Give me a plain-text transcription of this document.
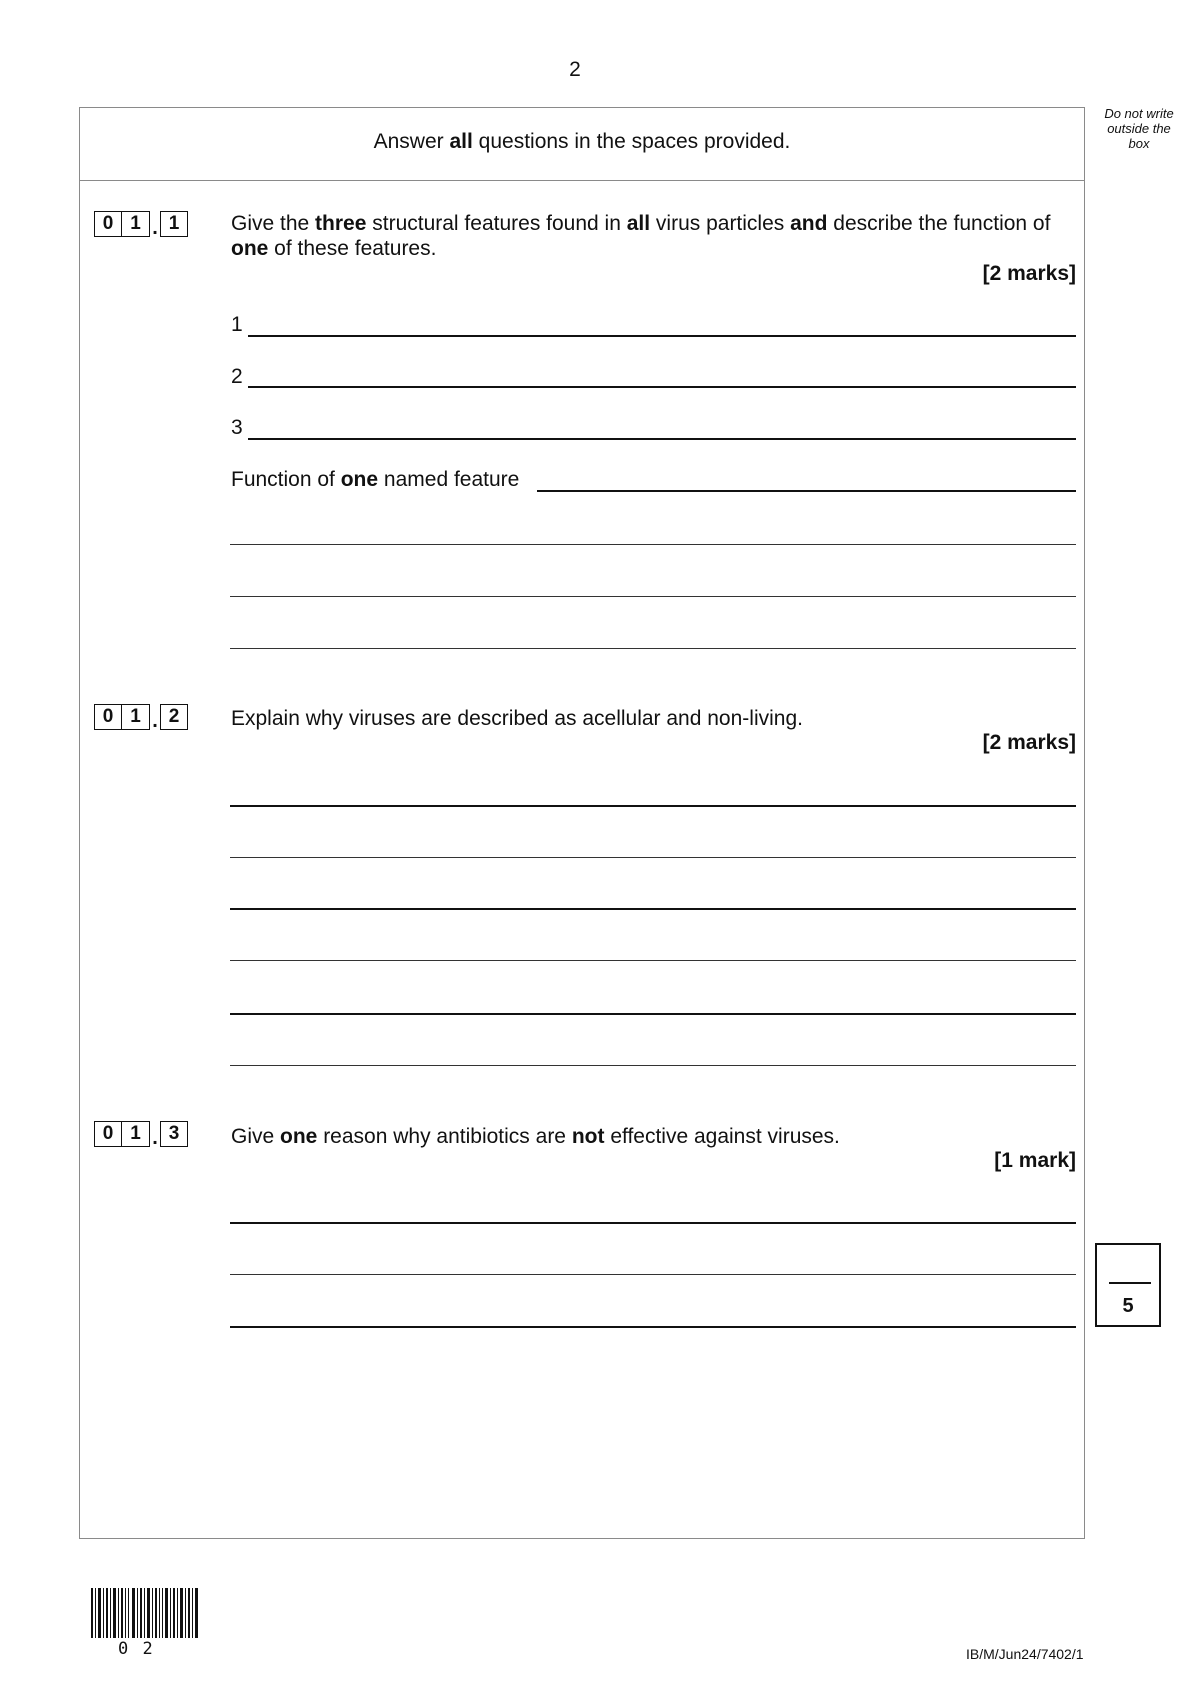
2
Do not write outside the box
Answer all questions in the spaces provided.
0 1 . 1	Give the three structural features found in all virus particles and describe the function of one of these features.
[2 marks]
1
2
3
Function of one named feature
0 1 . 2	Explain why viruses are described as acellular and non-living.
[2 marks]
0 1 . 3	Give one reason why antibiotics are not effective against viruses.
[1 mark]
5
0 2	IB/M/Jun24/7402/1
